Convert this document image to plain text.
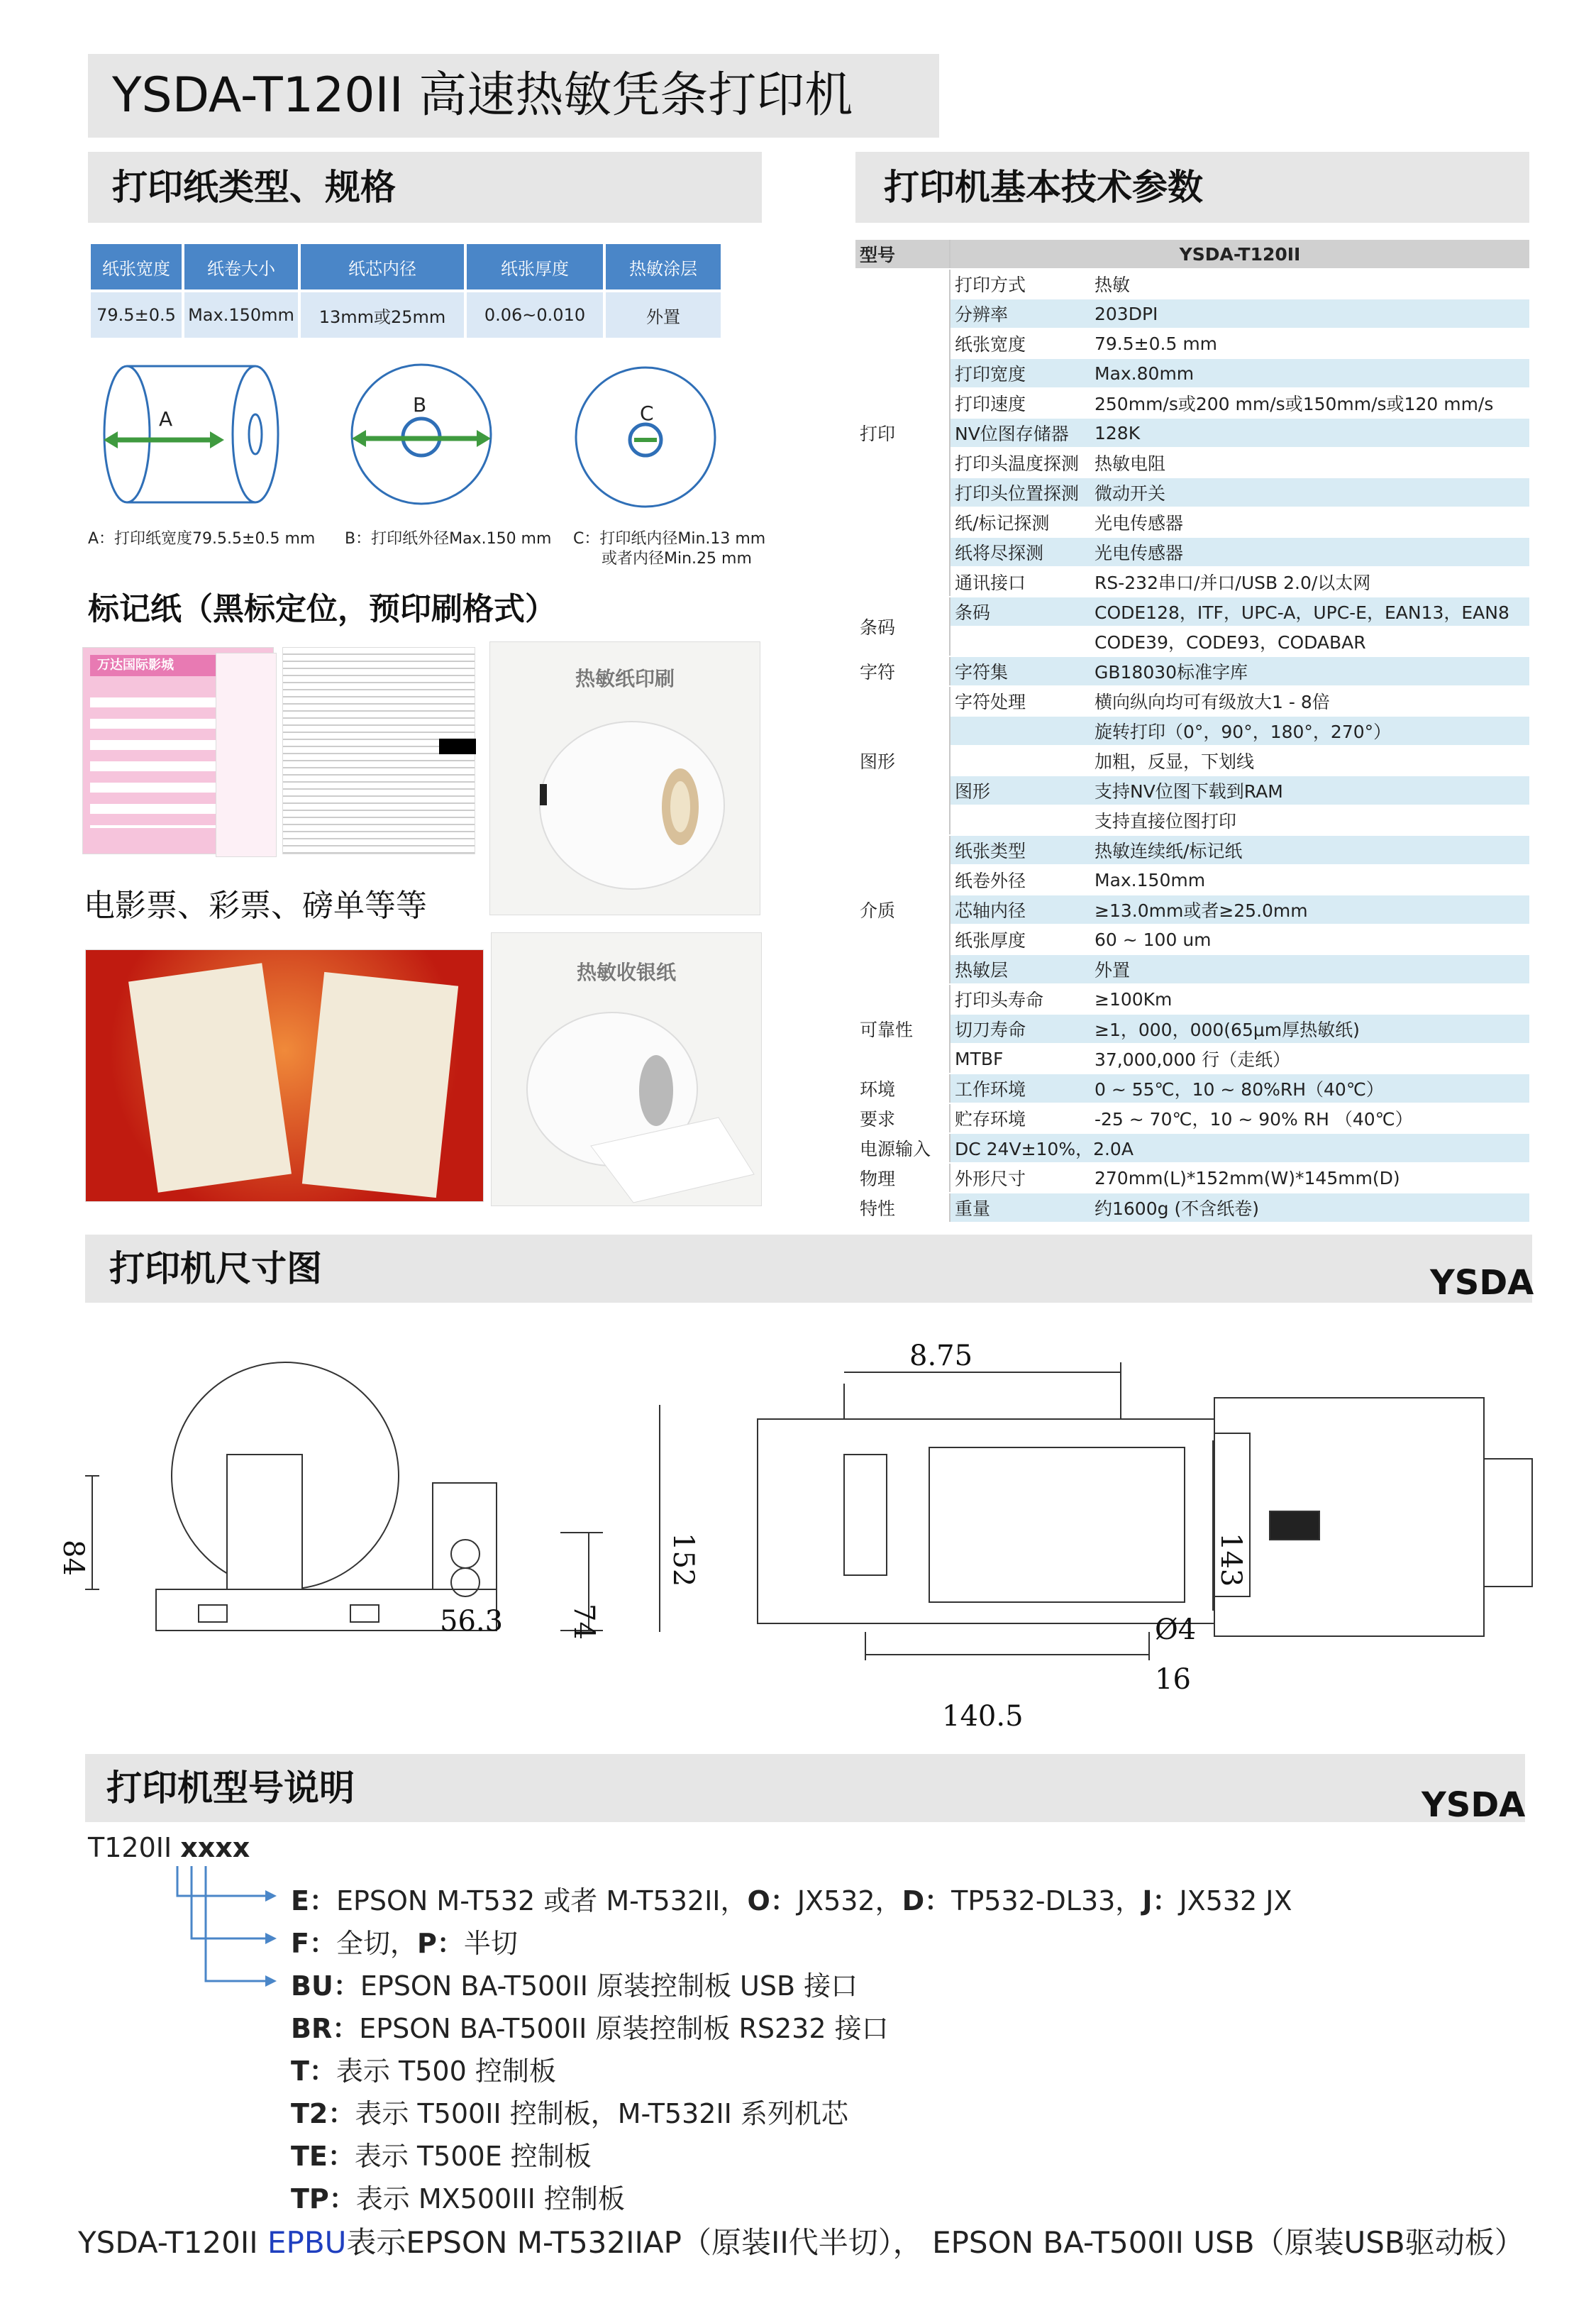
YSDA-T120II 高速热敏凭条打印机
打印纸类型、规格	打印机基本技术参数
纸张宽度	纸卷大小	纸芯内径	纸张厚度	热敏涂层
79.5±0.5	Max.150mm	13mm或25mm	0.06~0.010	外置
A
B	C
A：打印纸宽度79.5.5±0.5 mm B：打印纸外径Max.150 mm C：打印纸内径Min.13 mm
或者内径Min.25 mm
标记纸（黑标定位，预印刷格式）
万达国际影城
电影票、彩票、磅单等等
热敏纸印刷
热敏收银纸
型号	YSDA-T120II	
打印	打印方式	热敏
	分辨率	203DPI
	纸张宽度	79.5±0.5 mm
	打印宽度	Max.80mm
	打印速度	250mm/s或200 mm/s或150mm/s或120 mm/s
	NV位图存储器	128K
	打印头温度探测	热敏电阻
	打印头位置探测	微动开关
	纸/标记探测	光电传感器
	纸将尽探测	光电传感器
	通讯接口	RS-232串口/并口/USB 2.0/以太网
条码	条码	CODE128，ITF，UPC-A，UPC-E，EAN13，EAN8
		CODE39，CODE93，CODABAR
字符	字符集	GB18030标准字库
图形	字符处理	横向纵向均可有级放大1 - 8倍
		旋转打印（0°，90°，180°，270°）
		加粗，反显，下划线
	图形	支持NV位图下载到RAM
		支持直接位图打印
介质	纸张类型	热敏连续纸/标记纸
	纸卷外径	Max.150mm
	芯轴内径	≥13.0mm或者≥25.0mm
	纸张厚度	60 ~ 100 um
	热敏层	外置
可靠性	打印头寿命	≥100Km
	切刀寿命	≥1，000，000(65μm厚热敏纸)
	MTBF	37,000,000 行（走纸）
环境	工作环境	0 ~ 55℃，10 ~ 80%RH（40℃）
要求	贮存环境	-25 ~ 70℃，10 ~ 90% RH （40℃）
电源输入	DC 24V±10%，2.0A	
物理	外形尺寸	270mm(L)*152mm(W)*145mm(D)
特性	重量	约1600g (不含纸卷)
打印机尺寸图	YSDA
84
56.3 74
8.75
152	143
Ø4
16
140.5
打印机型号说明	YSDA
T120II xxxx
E：EPSON M-T532 或者 M-T532II，O：JX532，D：TP532-DL33，J：JX532 JX
F：全切，P：半切
BU：EPSON BA-T500II 原装控制板 USB 接口
BR：EPSON BA-T500II 原装控制板 RS232 接口
T：表示 T500 控制板
T2：表示 T500II 控制板，M-T532II 系列机芯
TE：表示 T500E 控制板
TP：表示 MX500III 控制板
YSDA-T120II EPBU表示EPSON M-T532IIAP（原装II代半切）， EPSON BA-T500II USB（原装USB驱动板）
